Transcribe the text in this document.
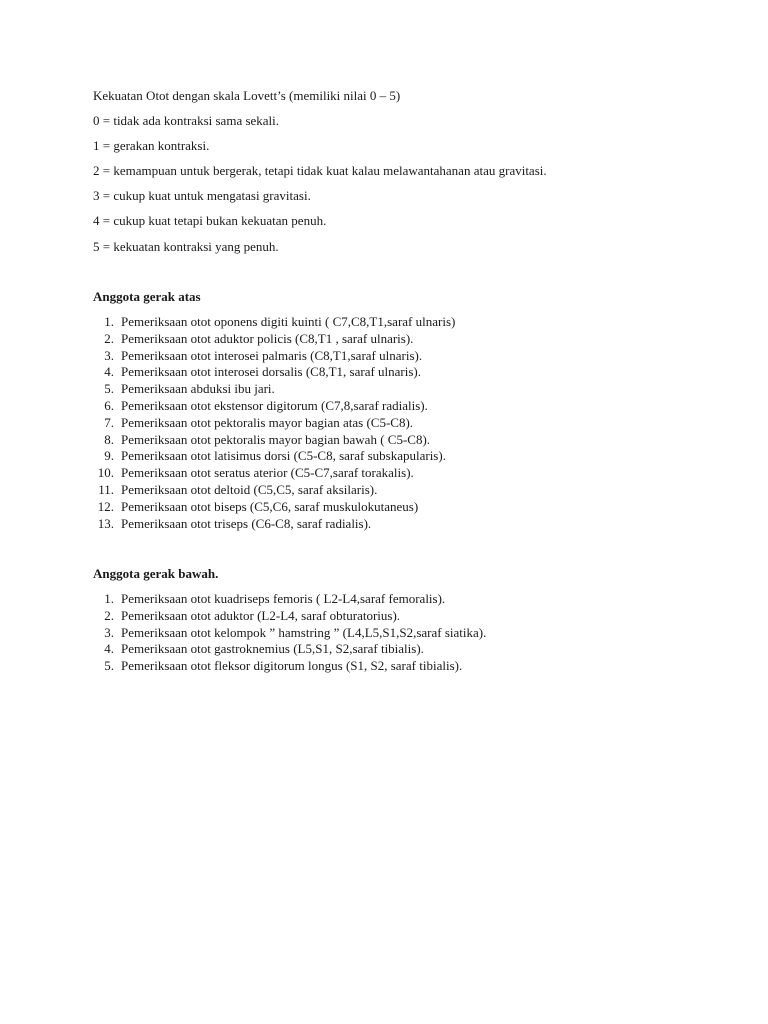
Kekuatan Otot dengan skala Lovett’s (memiliki nilai 0 – 5)
0 = tidak ada kontraksi sama sekali.
1 = gerakan kontraksi.
2 = kemampuan untuk bergerak, tetapi tidak kuat kalau melawantahanan atau gravitasi.
3 = cukup kuat untuk mengatasi gravitasi.
4 = cukup kuat tetapi bukan kekuatan penuh.
5 = kekuatan kontraksi yang penuh.
Anggota gerak atas
1. Pemeriksaan otot oponens digiti kuinti ( C7,C8,T1,saraf ulnaris)
2. Pemeriksaan otot aduktor policis (C8,T1 , saraf ulnaris).
3. Pemeriksaan otot interosei palmaris (C8,T1,saraf ulnaris).
4. Pemeriksaan otot interosei dorsalis (C8,T1, saraf ulnaris).
5. Pemeriksaan abduksi ibu jari.
6. Pemeriksaan otot ekstensor digitorum (C7,8,saraf radialis).
7. Pemeriksaan otot pektoralis mayor bagian atas (C5-C8).
8. Pemeriksaan otot pektoralis mayor bagian bawah ( C5-C8).
9. Pemeriksaan otot latisimus dorsi (C5-C8, saraf subskapularis).
10. Pemeriksaan otot seratus aterior (C5-C7,saraf torakalis).
11. Pemeriksaan otot deltoid (C5,C5, saraf aksilaris).
12. Pemeriksaan otot biseps (C5,C6, saraf muskulokutaneus)
13. Pemeriksaan otot triseps (C6-C8, saraf radialis).
Anggota gerak bawah.
1. Pemeriksaan otot kuadriseps femoris ( L2-L4,saraf femoralis).
2. Pemeriksaan otot aduktor (L2-L4, saraf obturatorius).
3. Pemeriksaan otot kelompok ” hamstring ” (L4,L5,S1,S2,saraf siatika).
4. Pemeriksaan otot gastroknemius (L5,S1, S2,saraf tibialis).
5. Pemeriksaan otot fleksor digitorum longus (S1, S2, saraf tibialis).
